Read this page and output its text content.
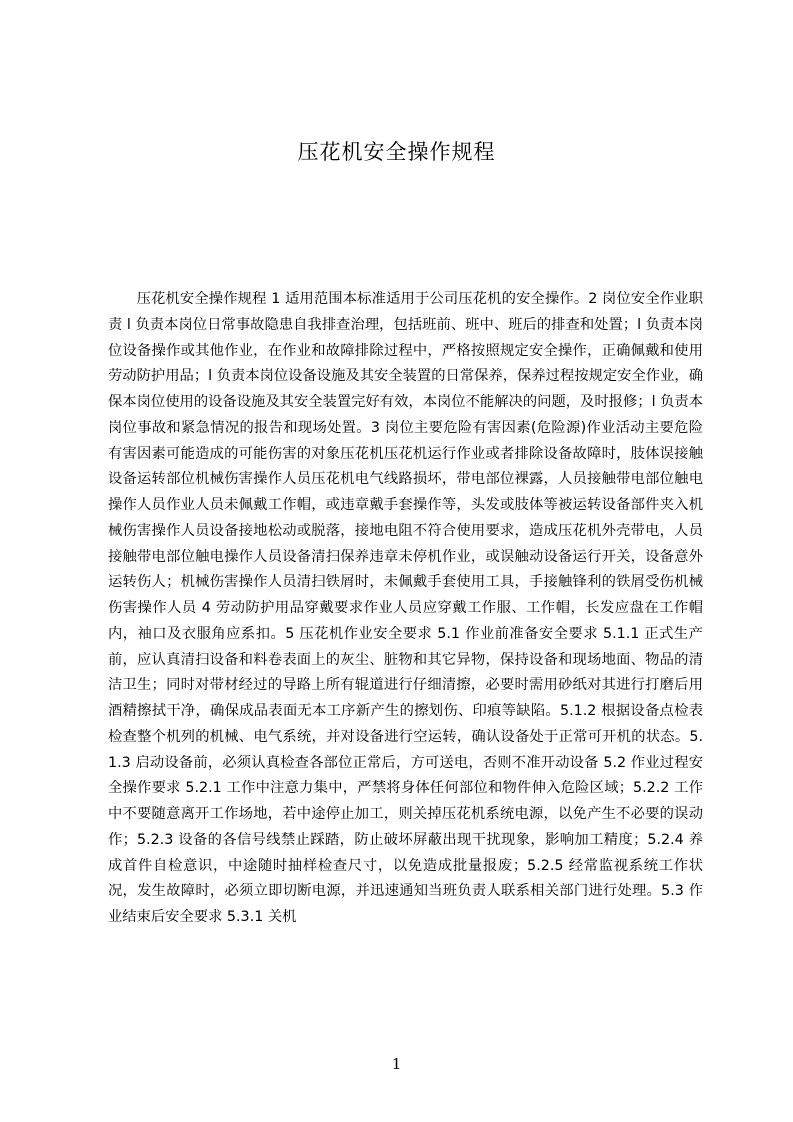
压花机安全操作规程

压花机安全操作规程 1 适用范围本标准适用于公司压花机的安全操作。2 岗位安全作业职责 l 负责本岗位日常事故隐患自我排查治理，包括班前、班中、班后的排查和处置；l 负责本岗位设备操作或其他作业，在作业和故障排除过程中，严格按照规定安全操作，正确佩戴和使用劳动防护用品；l 负责本岗位设备设施及其安全装置的日常保养，保养过程按规定安全作业，确保本岗位使用的设备设施及其安全装置完好有效，本岗位不能解决的问题，及时报修；l 负责本岗位事故和紧急情况的报告和现场处置。3 岗位主要危险有害因素(危险源)作业活动主要危险有害因素可能造成的可能伤害的对象压花机压花机运行作业或者排除设备故障时，肢体误接触设备运转部位机械伤害操作人员压花机电气线路损坏，带电部位裸露，人员接触带电部位触电操作人员作业人员未佩戴工作帽，或违章戴手套操作等，头发或肢体等被运转设备部件夹入机械伤害操作人员设备接地松动或脱落，接地电阻不符合使用要求，造成压花机外壳带电，人员接触带电部位触电操作人员设备清扫保养违章未停机作业，或误触动设备运行开关，设备意外运转伤人；机械伤害操作人员清扫铁屑时，未佩戴手套使用工具，手接触锋利的铁屑受伤机械伤害操作人员 4 劳动防护用品穿戴要求作业人员应穿戴工作服、工作帽，长发应盘在工作帽内，袖口及衣服角应系扣。5 压花机作业安全要求 5.1 作业前准备安全要求 5.1.1 正式生产前，应认真清扫设备和料卷表面上的灰尘、脏物和其它异物，保持设备和现场地面、物品的清洁卫生；同时对带材经过的导路上所有辊道进行仔细清擦，必要时需用砂纸对其进行打磨后用酒精擦拭干净，确保成品表面无本工序新产生的擦划伤、印痕等缺陷。5.1.2 根据设备点检表检查整个机列的机械、电气系统，并对设备进行空运转，确认设备处于正常可开机的状态。5.1.3 启动设备前，必须认真检查各部位正常后，方可送电，否则不准开动设备 5.2 作业过程安全操作要求 5.2.1 工作中注意力集中，严禁将身体任何部位和物件伸入危险区域；5.2.2 工作中不要随意离开工作场地，若中途停止加工，则关掉压花机系统电源，以免产生不必要的误动作；5.2.3 设备的各信号线禁止踩踏，防止破坏屏蔽出现干扰现象，影响加工精度；5.2.4 养成首件自检意识，中途随时抽样检查尺寸，以免造成批量报废；5.2.5 经常监视系统工作状况，发生故障时，必须立即切断电源，并迅速通知当班负责人联系相关部门进行处理。5.3 作业结束后安全要求 5.3.1 关机

1
